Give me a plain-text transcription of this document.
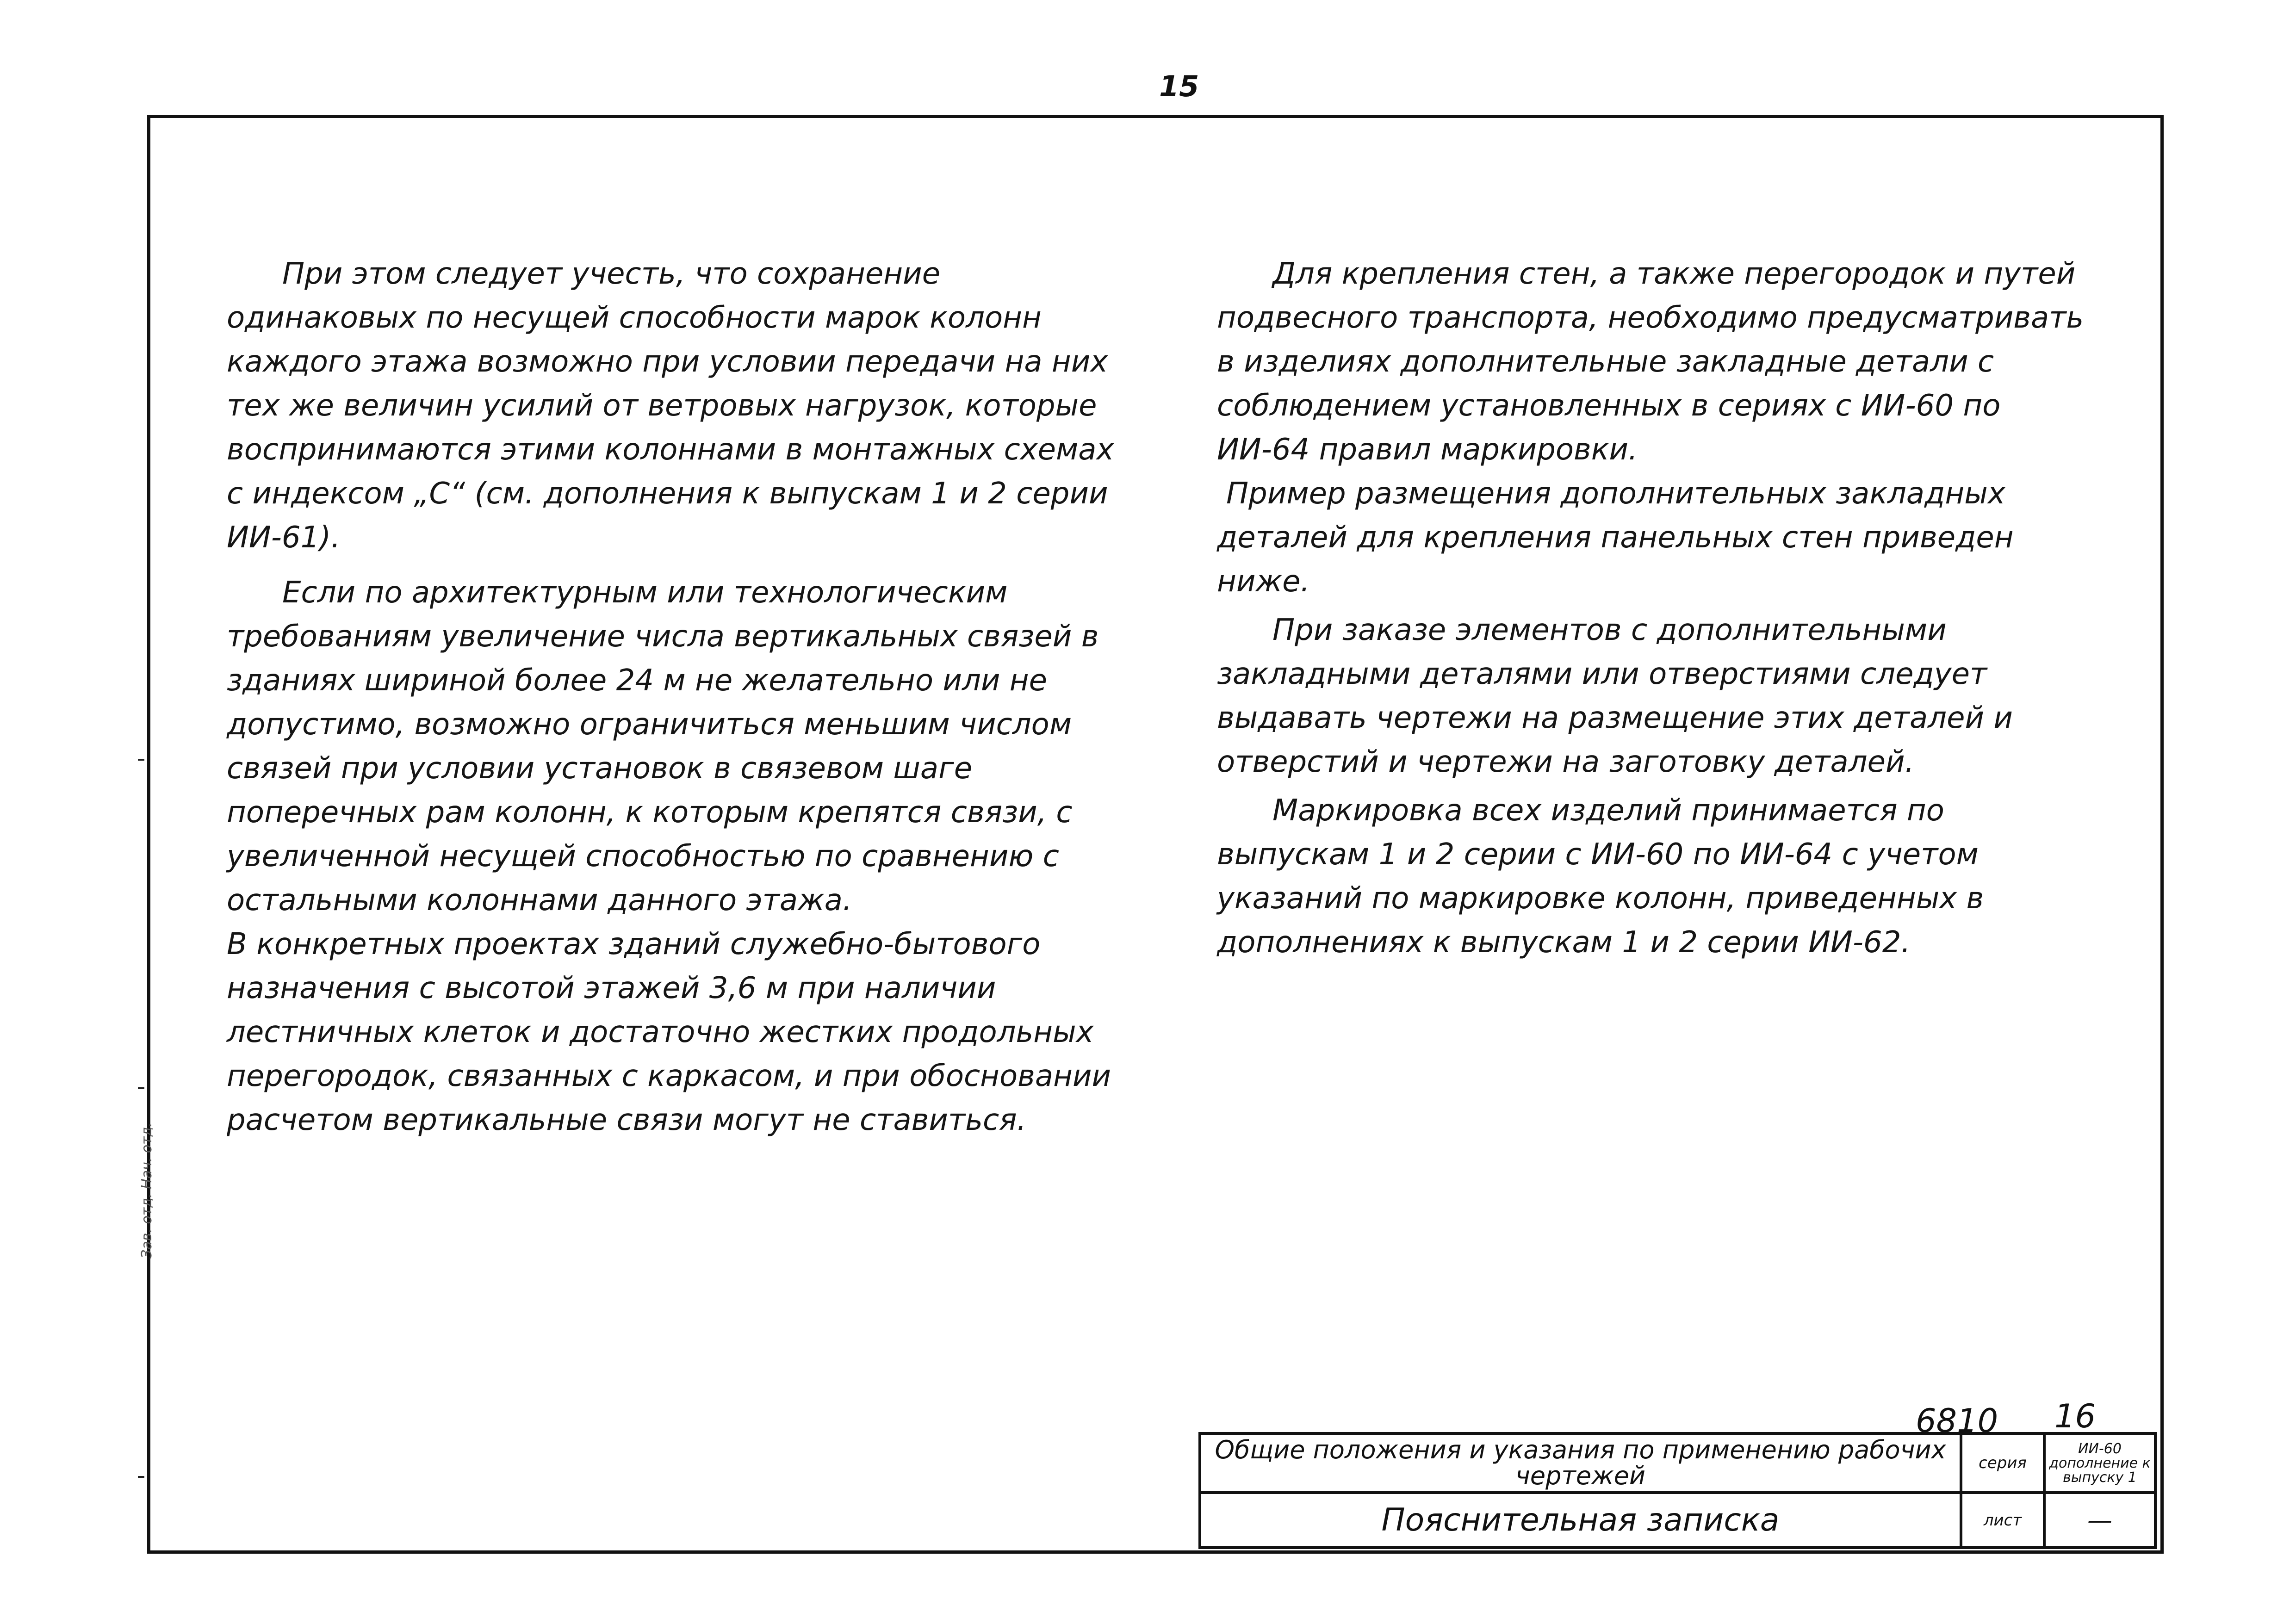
15
Зав. отд. Нач. отд.

При этом следует учесть, что сохранение одинаковых по несущей способности марок колонн каждого этажа возможно при условии передачи на них тех же величин усилий от ветровых нагрузок, которые воспринимаются этими колоннами в монтажных схемах с индексом „С“ (см. дополнения к выпускам 1 и 2 серии ИИ-61).

Если по архитектурным или технологическим требованиям увеличение числа вертикальных связей в зданиях шириной более 24 м не желательно или не допустимо, возможно ограничиться меньшим числом связей при условии установок в связевом шаге поперечных рам колонн, к которым крепятся связи, с увеличенной несущей способностью по сравнению с остальными колоннами данного этажа.

В конкретных проектах зданий служебно-бытового назначения с высотой этажей 3,6 м при наличии лестничных клеток и достаточно жестких продольных перегородок, связанных с каркасом, и при обосновании расчетом вертикальные связи могут не ставиться.

Для крепления стен, а также перегородок и путей подвесного транспорта, необходимо предусматривать в изделиях дополнительные закладные детали с соблюдением установленных в сериях с ИИ-60 по ИИ-64 правил маркировки.

Пример размещения дополнительных закладных деталей для крепления панельных стен приведен ниже.

При заказе элементов с дополнительными закладными деталями или отверстиями следует выдавать чертежи на размещение этих деталей и отверстий и чертежи на заготовку деталей.

Маркировка всех изделий принимается по выпускам 1 и 2 серии с ИИ-60 по ИИ-64 с учетом указаний по маркировке колонн, приведенных в дополнениях к выпускам 1 и 2 серии ИИ-62.

6810 16
Общие положения и указания по применению рабочих чертежей	серия	ИИ-60 дополнение к выпуску 1
Пояснительная записка	лист	—
